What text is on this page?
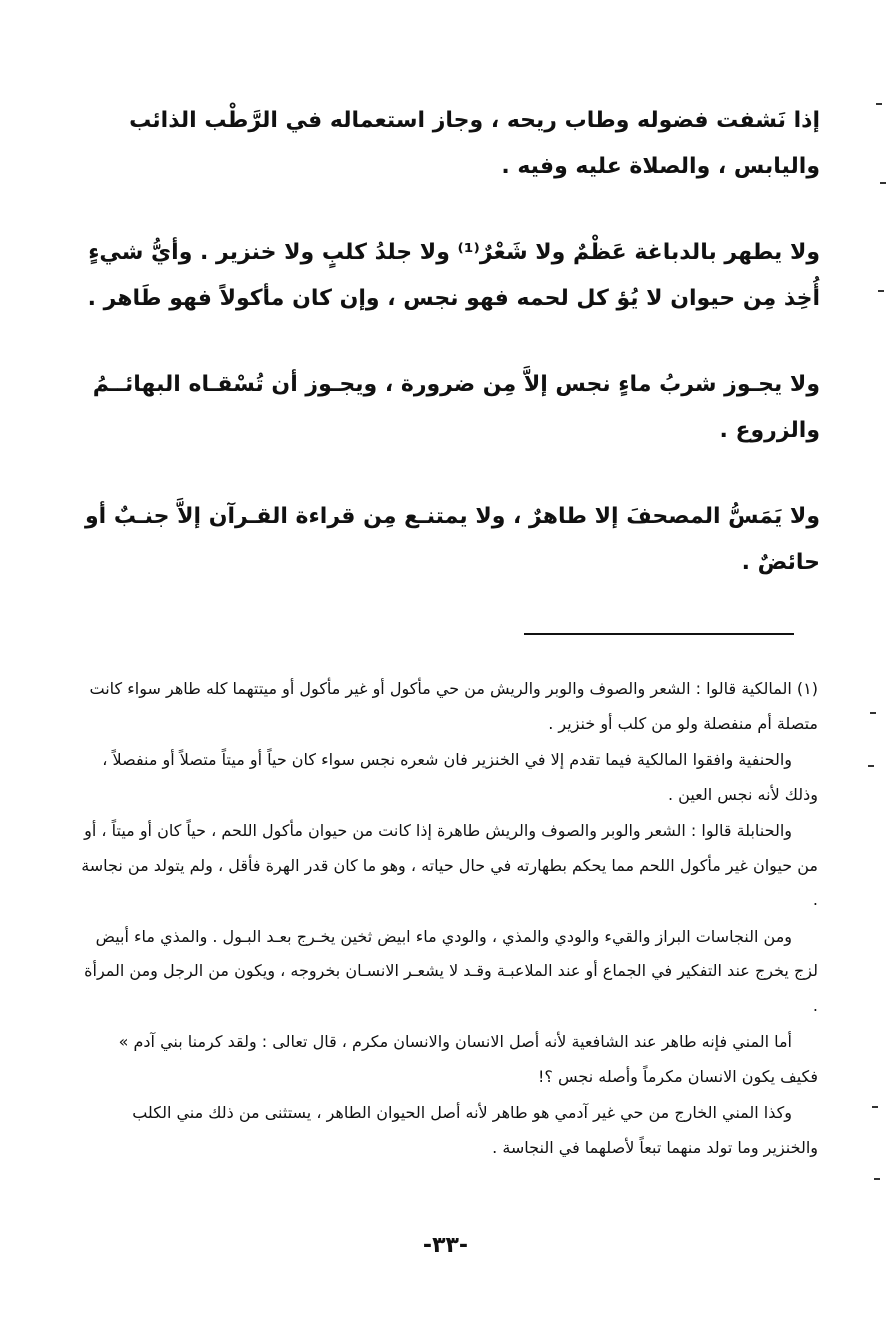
إذا نَشفت فضوله وطاب ريحه ، وجاز استعماله في الرَّطْب الذائب واليابس ، والصلاة عليه وفيه .

ولا يطهر بالدباغة عَظْمٌ ولا شَعْرٌ⁽¹⁾ ولا جلدُ كلبٍ ولا خنزير . وأيُّ شيءٍ أُخِذ مِن حيوان لا يُؤ كل لحمه فهو نجس ، وإن كان مأكولاً فهو طَاهر .

ولا يجـوز شربُ ماءٍ نجس إلاَّ مِن ضرورة ، ويجـوز أن تُسْقـاه البهائــمُ والزروع .

ولا يَمَسُّ المصحفَ إلا طاهرٌ ، ولا يمتنـع مِن قراءة القـرآن إلاَّ جنـبٌ أو حائضٌ .

(١) المالكية قالوا : الشعر والصوف والوبر والريش من حي مأكول أو غير مأكول أو ميتتهما كله طاهر سواء كانت متصلة أم منفصلة ولو من كلب أو خنزير .

والحنفية وافقوا المالكية فيما تقدم إلا في الخنزير فان شعره نجس سواء كان حياً أو ميتاً متصلاً أو منفصلاً ، وذلك لأنه نجس العين .

والحنابلة قالوا : الشعر والوبر والصوف والريش طاهرة إذا كانت من حيوان مأكول اللحم ، حياً كان أو ميتاً ، أو من حيوان غير مأكول اللحم مما يحكم بطهارته في حال حياته ، وهو ما كان قدر الهرة فأقل ، ولم يتولد من نجاسة .

ومن النجاسات البراز والقيء والودي والمذي ، والودي ماء ابيض ثخين يخـرج بعـد البـول . والمذي ماء أبيض لزج يخرج عند التفكير في الجماع أو عند الملاعبـة وقـد لا يشعـر الانسـان بخروجه ، ويكون من الرجل ومن المرأة .

أما المني فإنه طاهر عند الشافعية لأنه أصل الانسان والانسان مكرم ، قال تعالى : ولقد كرمنا بني آدم » فكيف يكون الانسان مكرماً وأصله نجس ؟!

وكذا المني الخارج من حي غير آدمي هو طاهر لأنه أصل الحيوان الطاهر ، يستثنى من ذلك مني الكلب والخنزير وما تولد منهما تبعاً لأصلهما في النجاسة .

-٣٣-
